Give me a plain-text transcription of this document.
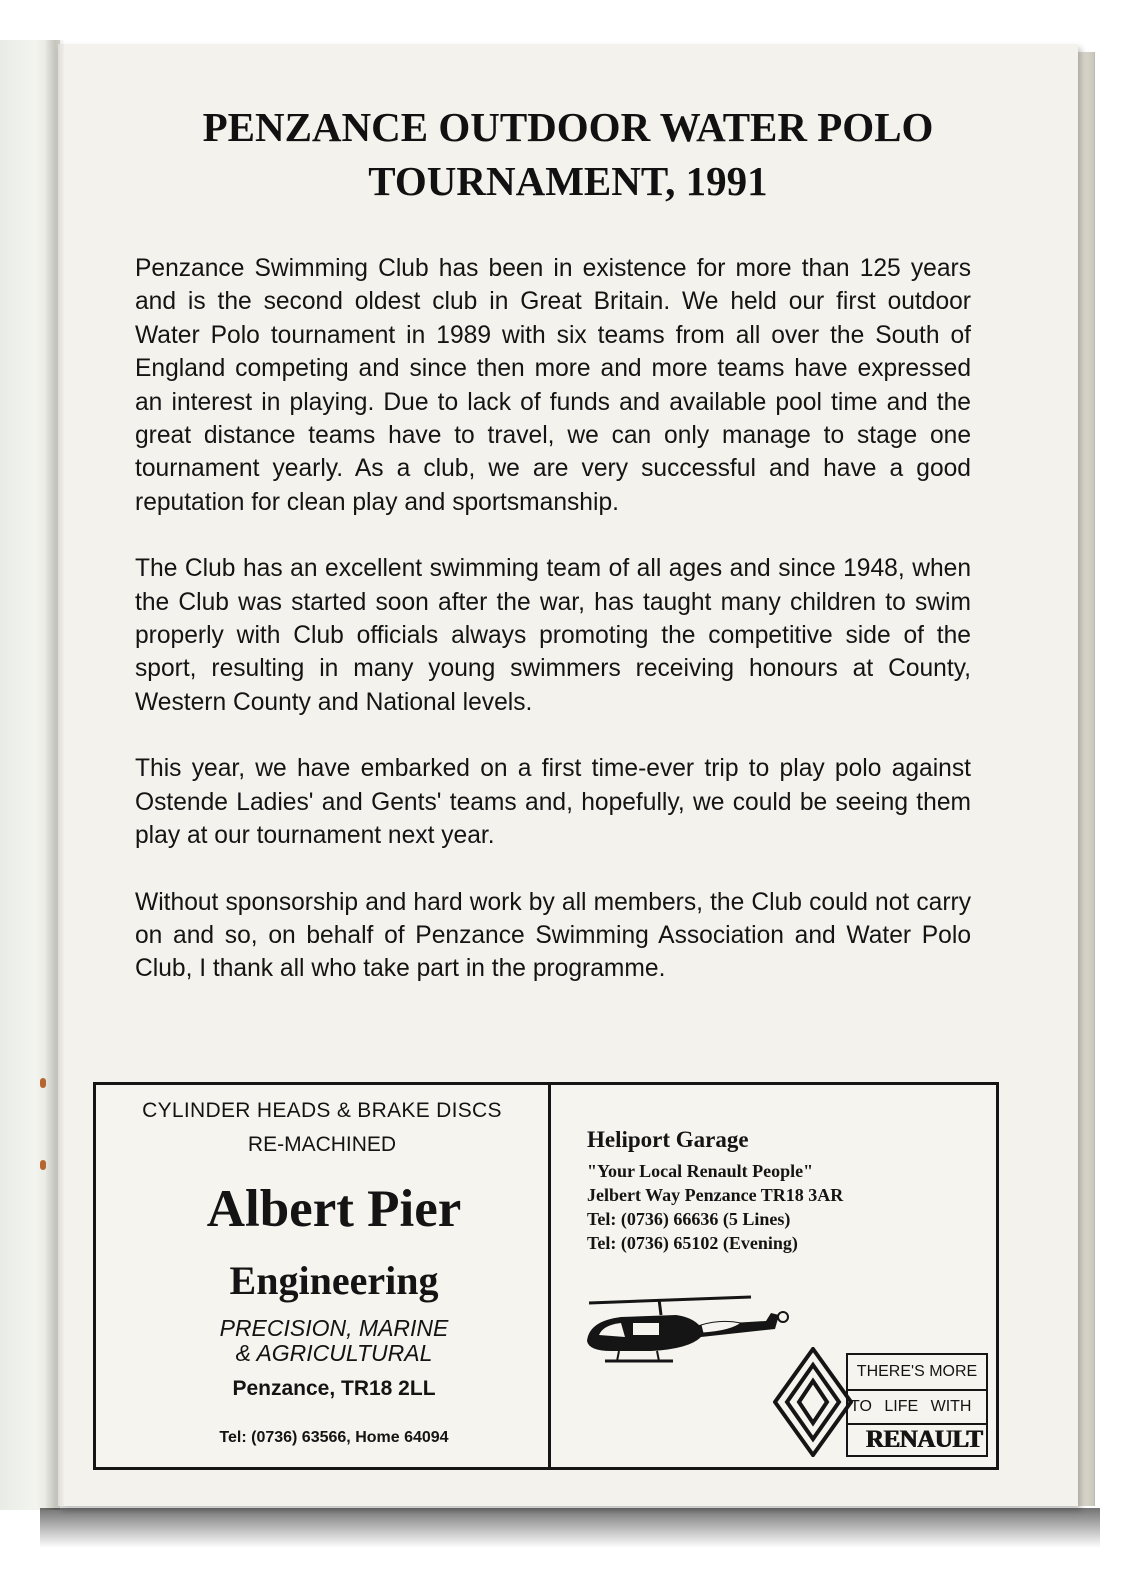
PENZANCE OUTDOOR WATER POLO
TOURNAMENT, 1991

Penzance Swimming Club has been in existence for more than 125 years and is the second oldest club in Great Britain. We held our first outdoor Water Polo tournament in 1989 with six teams from all over the South of England competing and since then more and more teams have expressed an interest in playing. Due to lack of funds and available pool time and the great distance teams have to travel, we can only manage to stage one tournament yearly. As a club, we are very successful and have a good reputation for clean play and sportsmanship.

The Club has an excellent swimming team of all ages and since 1948, when the Club was started soon after the war, has taught many children to swim properly with Club officials always promoting the competitive side of the sport, resulting in many young swimmers receiving honours at County, Western County and National levels.

This year, we have embarked on a first time-ever trip to play polo against Ostende Ladies' and Gents' teams and, hopefully, we could be seeing them play at our tournament next year.

Without sponsorship and hard work by all members, the Club could not carry on and so, on behalf of Penzance Swimming Association and Water Polo Club, I thank all who take part in the programme.

CYLINDER HEADS & BRAKE DISCS
RE-MACHINED
Albert Pier
Engineering
PRECISION, MARINE
& AGRICULTURAL
Penzance, TR18 2LL
Tel: (0736) 63566, Home 64094
Heliport Garage
"Your Local Renault People"
Jelbert Way Penzance TR18 3AR
Tel: (0736) 66636 (5 Lines)
Tel: (0736) 65102 (Evening)
THERE'S MORE
TO LIFE WITH
RENAULT
